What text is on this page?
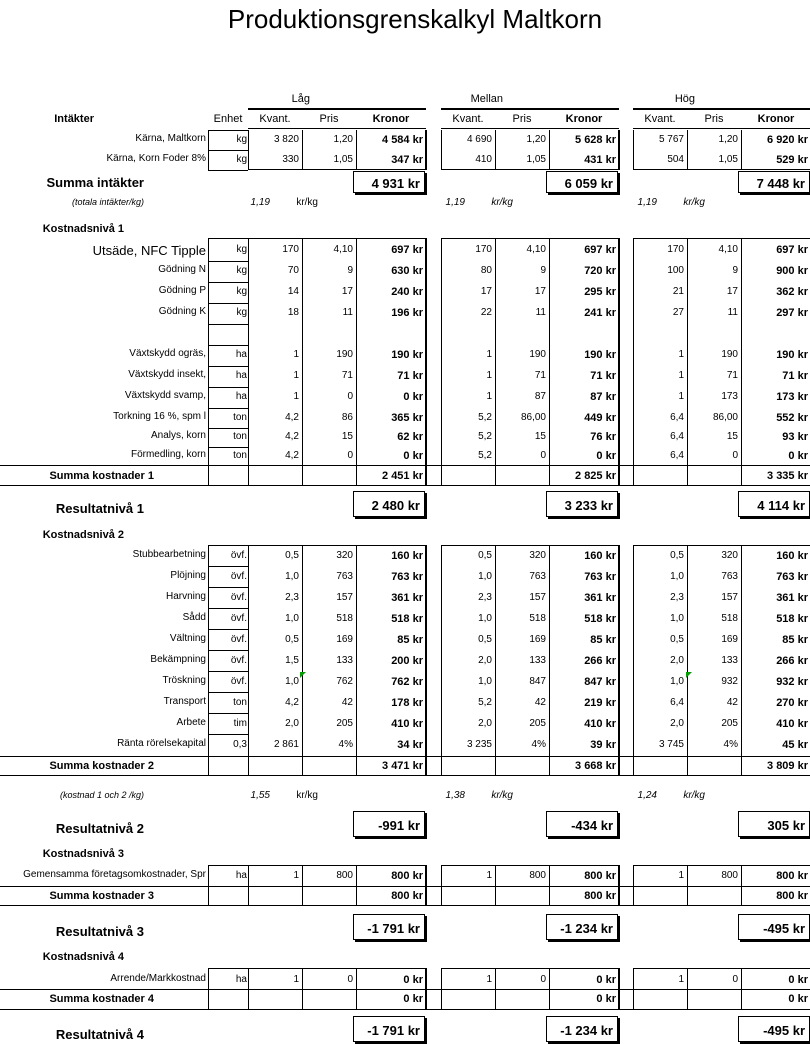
Produktionsgrenskalkyl Maltkorn
Låg	Mellan	Hög
Intäkter	Enhet	Kvant.	Pris	Kronor	Kvant.	Pris	Kronor	Kvant.	Pris	Kronor
Kärna, Maltkorn	kg	3 820	1,20	4 584 kr	4 690	1,20	5 628 kr	5 767	1,20	6 920 kr
Kärna, Korn Foder 8%	kg	330	1,05	347 kr	410	1,05	431 kr	504	1,05	529 kr
Summa intäkter	4 931 kr	6 059 kr	7 448 kr
(totala intäkter/kg)	1,19	kr/kg	1,19	kr/kg	1,19	kr/kg
Kostnadsnivå 1
Utsäde, NFC Tipple	kg	170	4,10	697 kr	170	4,10	697 kr	170	4,10	697 kr
Gödning N	kg	70	9	630 kr	80	9	720 kr	100	9	900 kr
Gödning P	kg	14	17	240 kr	17	17	295 kr	21	17	362 kr
Gödning K	kg	18	11	196 kr	22	11	241 kr	27	11	297 kr
Växtskydd ogräs,	ha	1	190	190 kr	1	190	190 kr	1	190	190 kr
Växtskydd insekt,	ha	1	71	71 kr	1	71	71 kr	1	71	71 kr
Växtskydd svamp,	ha	1	0	0 kr	1	87	87 kr	1	173	173 kr
Torkning 16 %, spm l	ton	4,2	86	365 kr	5,2	86,00	449 kr	6,4	86,00	552 kr
Analys, korn	ton	4,2	15	62 kr	5,2	15	76 kr	6,4	15	93 kr
Förmedling, korn	ton	4,2	0	0 kr	5,2	0	0 kr	6,4	0	0 kr
Summa kostnader 1	2 451 kr	2 825 kr	3 335 kr
Resultatnivå 1	2 480 kr	3 233 kr	4 114 kr
Kostnadsnivå 2
Stubbearbetning	övf.	0,5	320	160 kr	0,5	320	160 kr	0,5	320	160 kr
Plöjning	övf.	1,0	763	763 kr	1,0	763	763 kr	1,0	763	763 kr
Harvning	övf.	2,3	157	361 kr	2,3	157	361 kr	2,3	157	361 kr
Sådd	övf.	1,0	518	518 kr	1,0	518	518 kr	1,0	518	518 kr
Vältning	övf.	0,5	169	85 kr	0,5	169	85 kr	0,5	169	85 kr
Bekämpning	övf.	1,5	133	200 kr	2,0	133	266 kr	2,0	133	266 kr
Tröskning	övf.	1,0	762	762 kr	1,0	847	847 kr	1,0	932	932 kr
Transport	ton	4,2	42	178 kr	5,2	42	219 kr	6,4	42	270 kr
Arbete	tim	2,0	205	410 kr	2,0	205	410 kr	2,0	205	410 kr
Ränta rörelsekapital	0,3	2 861	4%	34 kr	3 235	4%	39 kr	3 745	4%	45 kr
Summa kostnader 2	3 471 kr	3 668 kr	3 809 kr
(kostnad 1 och 2 /kg)	1,55	kr/kg	1,38	kr/kg	1,24	kr/kg
Resultatnivå 2	-991 kr	-434 kr	305 kr
Kostnadsnivå 3
Gemensamma företagsomkostnader, Spr	ha	1	800	800 kr	1	800	800 kr	1	800	800 kr
Summa kostnader 3	800 kr	800 kr	800 kr
Resultatnivå 3	-1 791 kr	-1 234 kr	-495 kr
Kostnadsnivå 4
Arrende/Markkostnad	ha	1	0	0 kr	1	0	0 kr	1	0	0 kr
Summa kostnader 4	0 kr	0 kr	0 kr
Resultatnivå 4	-1 791 kr	-1 234 kr	-495 kr
